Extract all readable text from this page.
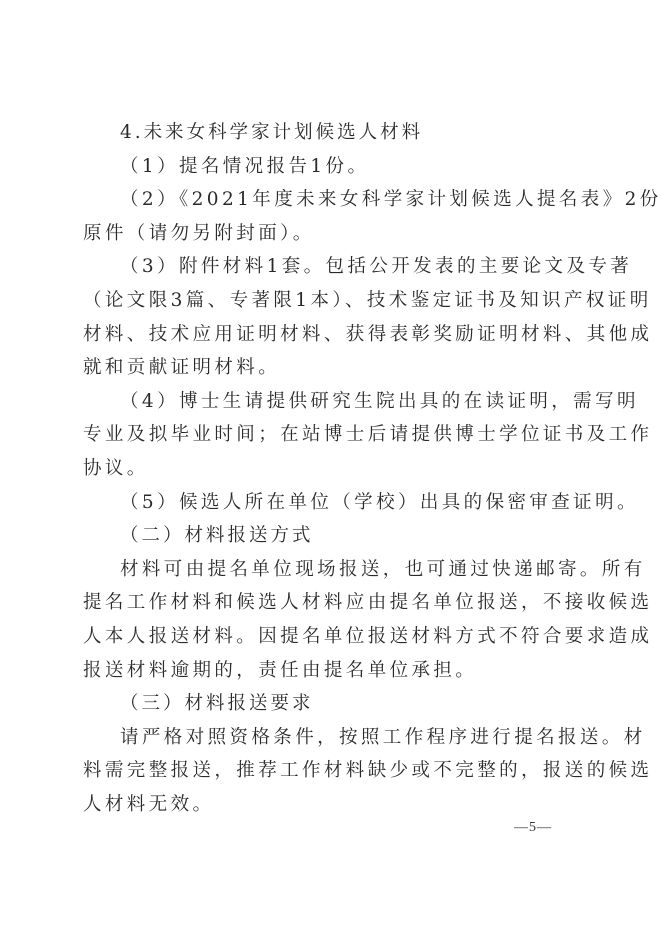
4.未来女科学家计划候选人材料
（1）提名情况报告1份。
（2）《2021年度未来女科学家计划候选人提名表》2份
原件（请勿另附封面）。
（3）附件材料1套。包括公开发表的主要论文及专著
（论文限3篇、专著限1本）、技术鉴定证书及知识产权证明
材料、技术应用证明材料、获得表彰奖励证明材料、其他成
就和贡献证明材料。
（4）博士生请提供研究生院出具的在读证明，需写明
专业及拟毕业时间；在站博士后请提供博士学位证书及工作
协议。
（5）候选人所在单位（学校）出具的保密审查证明。
（二）材料报送方式
材料可由提名单位现场报送，也可通过快递邮寄。所有
提名工作材料和候选人材料应由提名单位报送，不接收候选
人本人报送材料。因提名单位报送材料方式不符合要求造成
报送材料逾期的，责任由提名单位承担。
（三）材料报送要求
请严格对照资格条件，按照工作程序进行提名报送。材
料需完整报送，推荐工作材料缺少或不完整的，报送的候选
人材料无效。
—5—
